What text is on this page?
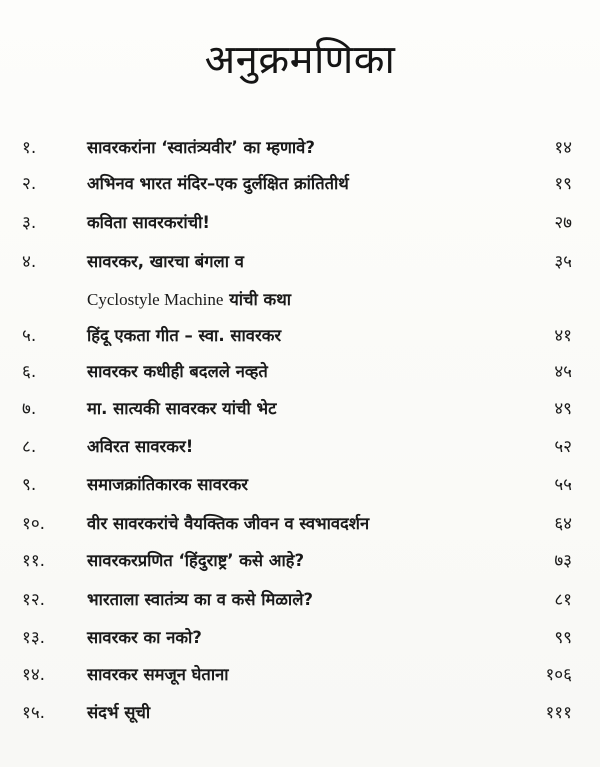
अनुक्रमणिका
१.	सावरकरांना ‘स्वातंत्र्यवीर’ का म्हणावे?	१४
२.	अभिनव भारत मंदिर–एक दुर्लक्षित क्रांतितीर्थ	१९
३.	कविता सावरकरांची!	२७
४.	सावरकर, खारचा बंगला व	३५
Cyclostyle Machine यांची कथा
५.	हिंदू एकता गीत – स्वा. सावरकर	४१
६.	सावरकर कधीही बदलले नव्हते	४५
७.	मा. सात्यकी सावरकर यांची भेट	४९
८.	अविरत सावरकर!	५२
९.	समाजक्रांतिकारक सावरकर	५५
१०.	वीर सावरकरांचे वैयक्तिक जीवन व स्वभावदर्शन	६४
११.	सावरकरप्रणित ‘हिंदुराष्ट्र’ कसे आहे?	७३
१२.	भारताला स्वातंत्र्य का व कसे मिळाले?	८१
१३.	सावरकर का नको?	९९
१४.	सावरकर समजून घेताना	१०६
१५.	संदर्भ सूची	१११
